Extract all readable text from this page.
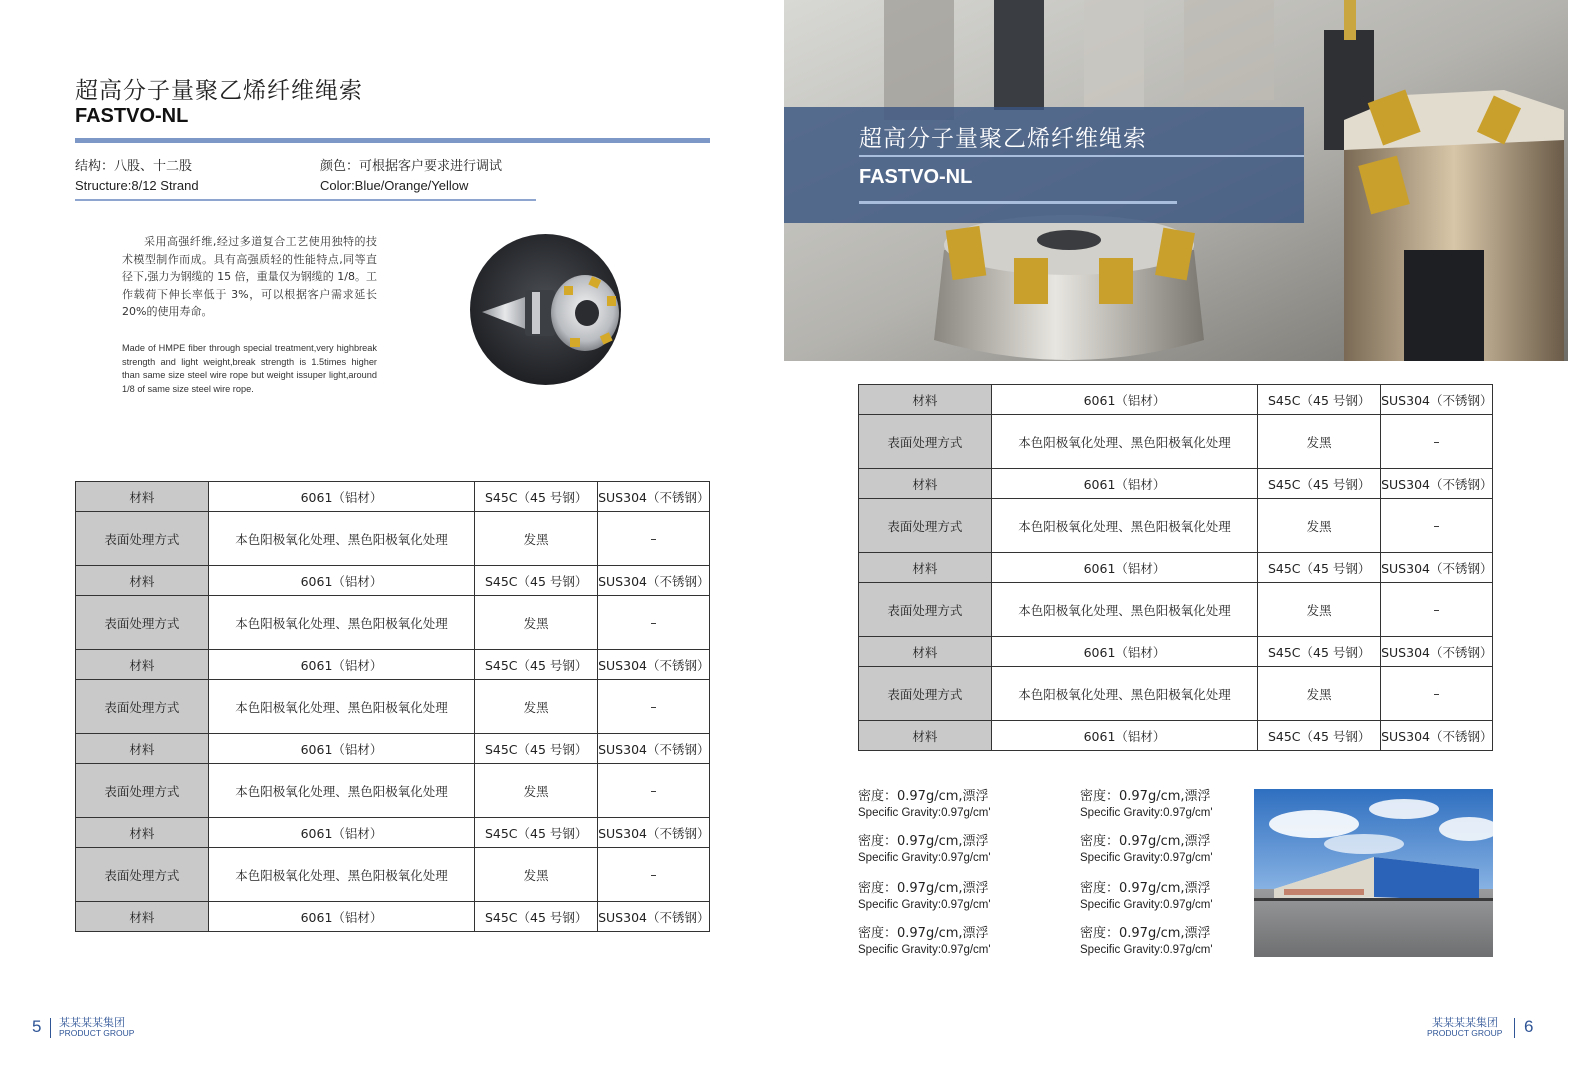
超高分子量聚乙烯纤维绳索
FASTVO-NL
结构：八股、十二股
Structure:8/12 Strand
颜色：可根据客户要求进行调试
Color:Blue/Orange/Yellow
采用高强纤维,经过多道复合工艺使用独特的技术模型制作而成。具有高强质轻的性能特点,同等直径下,强力为钢缆的 15 倍，重量仅为钢缆的 1/8。工作载荷下伸长率低于 3%，可以根据客户需求延长 20%的使用寿命。
Made of HMPE fiber through special treatment,very highbreak strength and light weight,break strength is 1.5times higher than same size steel wire rope but weight issuper light,around 1/8 of same size steel wire rope.
材料	6061（铝材）	S45C（45 号钢）	SUS304（不锈钢）
表面处理方式	本色阳极氧化处理、黑色阳极氧化处理	发黑	–
材料	6061（铝材）	S45C（45 号钢）	SUS304（不锈钢）
表面处理方式	本色阳极氧化处理、黑色阳极氧化处理	发黑	–
材料	6061（铝材）	S45C（45 号钢）	SUS304（不锈钢）
表面处理方式	本色阳极氧化处理、黑色阳极氧化处理	发黑	–
材料	6061（铝材）	S45C（45 号钢）	SUS304（不锈钢）
表面处理方式	本色阳极氧化处理、黑色阳极氧化处理	发黑	–
材料	6061（铝材）	S45C（45 号钢）	SUS304（不锈钢）
表面处理方式	本色阳极氧化处理、黑色阳极氧化处理	发黑	–
材料	6061（铝材）	S45C（45 号钢）	SUS304（不锈钢）
5 某某某某集团
PRODUCT GROUP
超高分子量聚乙烯纤维绳索
FASTVO-NL
材料	6061（铝材）	S45C（45 号钢）	SUS304（不锈钢）
表面处理方式	本色阳极氧化处理、黑色阳极氧化处理	发黑	–
材料	6061（铝材）	S45C（45 号钢）	SUS304（不锈钢）
表面处理方式	本色阳极氧化处理、黑色阳极氧化处理	发黑	–
材料	6061（铝材）	S45C（45 号钢）	SUS304（不锈钢）
表面处理方式	本色阳极氧化处理、黑色阳极氧化处理	发黑	–
材料	6061（铝材）	S45C（45 号钢）	SUS304（不锈钢）
表面处理方式	本色阳极氧化处理、黑色阳极氧化处理	发黑	–
材料	6061（铝材）	S45C（45 号钢）	SUS304（不锈钢）
密度：0.97g/cm,漂浮
Specific Gravity:0.97g/cm'
密度：0.97g/cm,漂浮
Specific Gravity:0.97g/cm'
密度：0.97g/cm,漂浮
Specific Gravity:0.97g/cm'
密度：0.97g/cm,漂浮
Specific Gravity:0.97g/cm'
密度：0.97g/cm,漂浮
Specific Gravity:0.97g/cm'
密度：0.97g/cm,漂浮
Specific Gravity:0.97g/cm'
密度：0.97g/cm,漂浮
Specific Gravity:0.97g/cm'
密度：0.97g/cm,漂浮
Specific Gravity:0.97g/cm'
某某某某集团
PRODUCT GROUP 6
